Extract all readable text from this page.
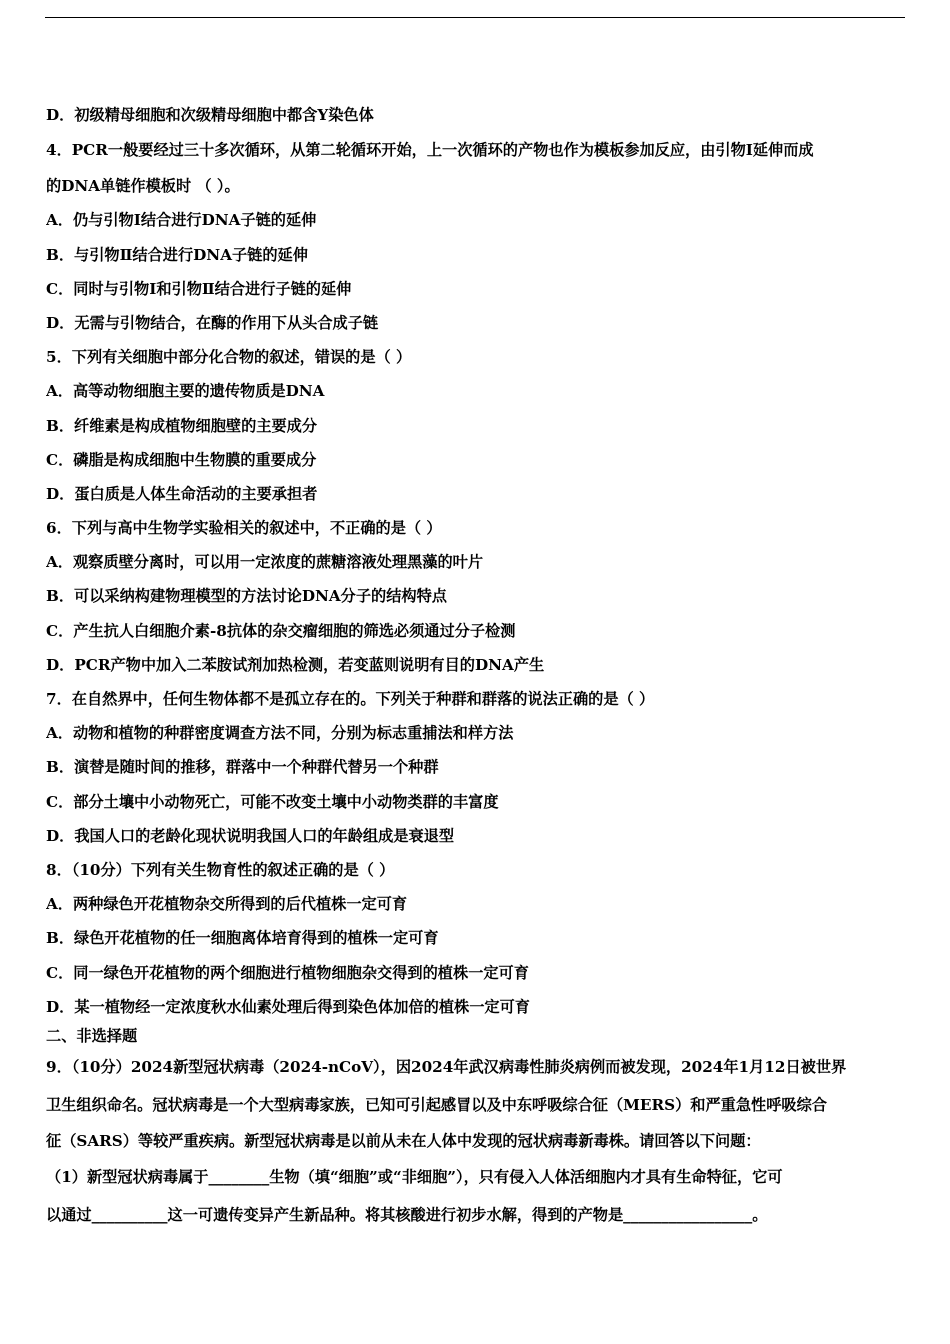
D．初级精母细胞和次级精母细胞中都含Y染色体
4．PCR一般要经过三十多次循环，从第二轮循环开始，上一次循环的产物也作为模板参加反应，由引物Ⅰ延伸而成
的DNA单链作模板时 （ ）。
A．仍与引物Ⅰ结合进行DNA子链的延伸
B．与引物Ⅱ结合进行DNA子链的延伸
C．同时与引物Ⅰ和引物Ⅱ结合进行子链的延伸
D．无需与引物结合，在酶的作用下从头合成子链
5．下列有关细胞中部分化合物的叙述，错误的是（ ）
A．高等动物细胞主要的遗传物质是DNA
B．纤维素是构成植物细胞壁的主要成分
C．磷脂是构成细胞中生物膜的重要成分
D．蛋白质是人体生命活动的主要承担者
6．下列与高中生物学实验相关的叙述中，不正确的是（ ）
A．观察质壁分离时，可以用一定浓度的蔗糖溶液处理黑藻的叶片
B．可以采纳构建物理模型的方法讨论DNA分子的结构特点
C．产生抗人白细胞介素-8抗体的杂交瘤细胞的筛选必须通过分子检测
D．PCR产物中加入二苯胺试剂加热检测，若变蓝则说明有目的DNA产生
7．在自然界中，任何生物体都不是孤立存在的。下列关于种群和群落的说法正确的是（ ）
A．动物和植物的种群密度调查方法不同，分别为标志重捕法和样方法
B．演替是随时间的推移，群落中一个种群代替另一个种群
C．部分土壤中小动物死亡，可能不改变土壤中小动物类群的丰富度
D．我国人口的老龄化现状说明我国人口的年龄组成是衰退型
8．（10分）下列有关生物育性的叙述正确的是（ ）
A．两种绿色开花植物杂交所得到的后代植株一定可育
B．绿色开花植物的任一细胞离体培育得到的植株一定可育
C．同一绿色开花植物的两个细胞进行植物细胞杂交得到的植株一定可育
D．某一植物经一定浓度秋水仙素处理后得到染色体加倍的植株一定可育
二、非选择题
9．（10分）2024新型冠状病毒（2024-nCoV），因2024年武汉病毒性肺炎病例而被发现，2024年1月12日被世界
卫生组织命名。冠状病毒是一个大型病毒家族，已知可引起感冒以及中东呼吸综合征（MERS）和严重急性呼吸综合
征（SARS）等较严重疾病。新型冠状病毒是以前从未在人体中发现的冠状病毒新毒株。请回答以下问题：
（1）新型冠状病毒属于________生物（填“细胞”或“非细胞”），只有侵入人体活细胞内才具有生命特征，它可
以通过__________这一可遗传变异产生新品种。将其核酸进行初步水解，得到的产物是_________________。
